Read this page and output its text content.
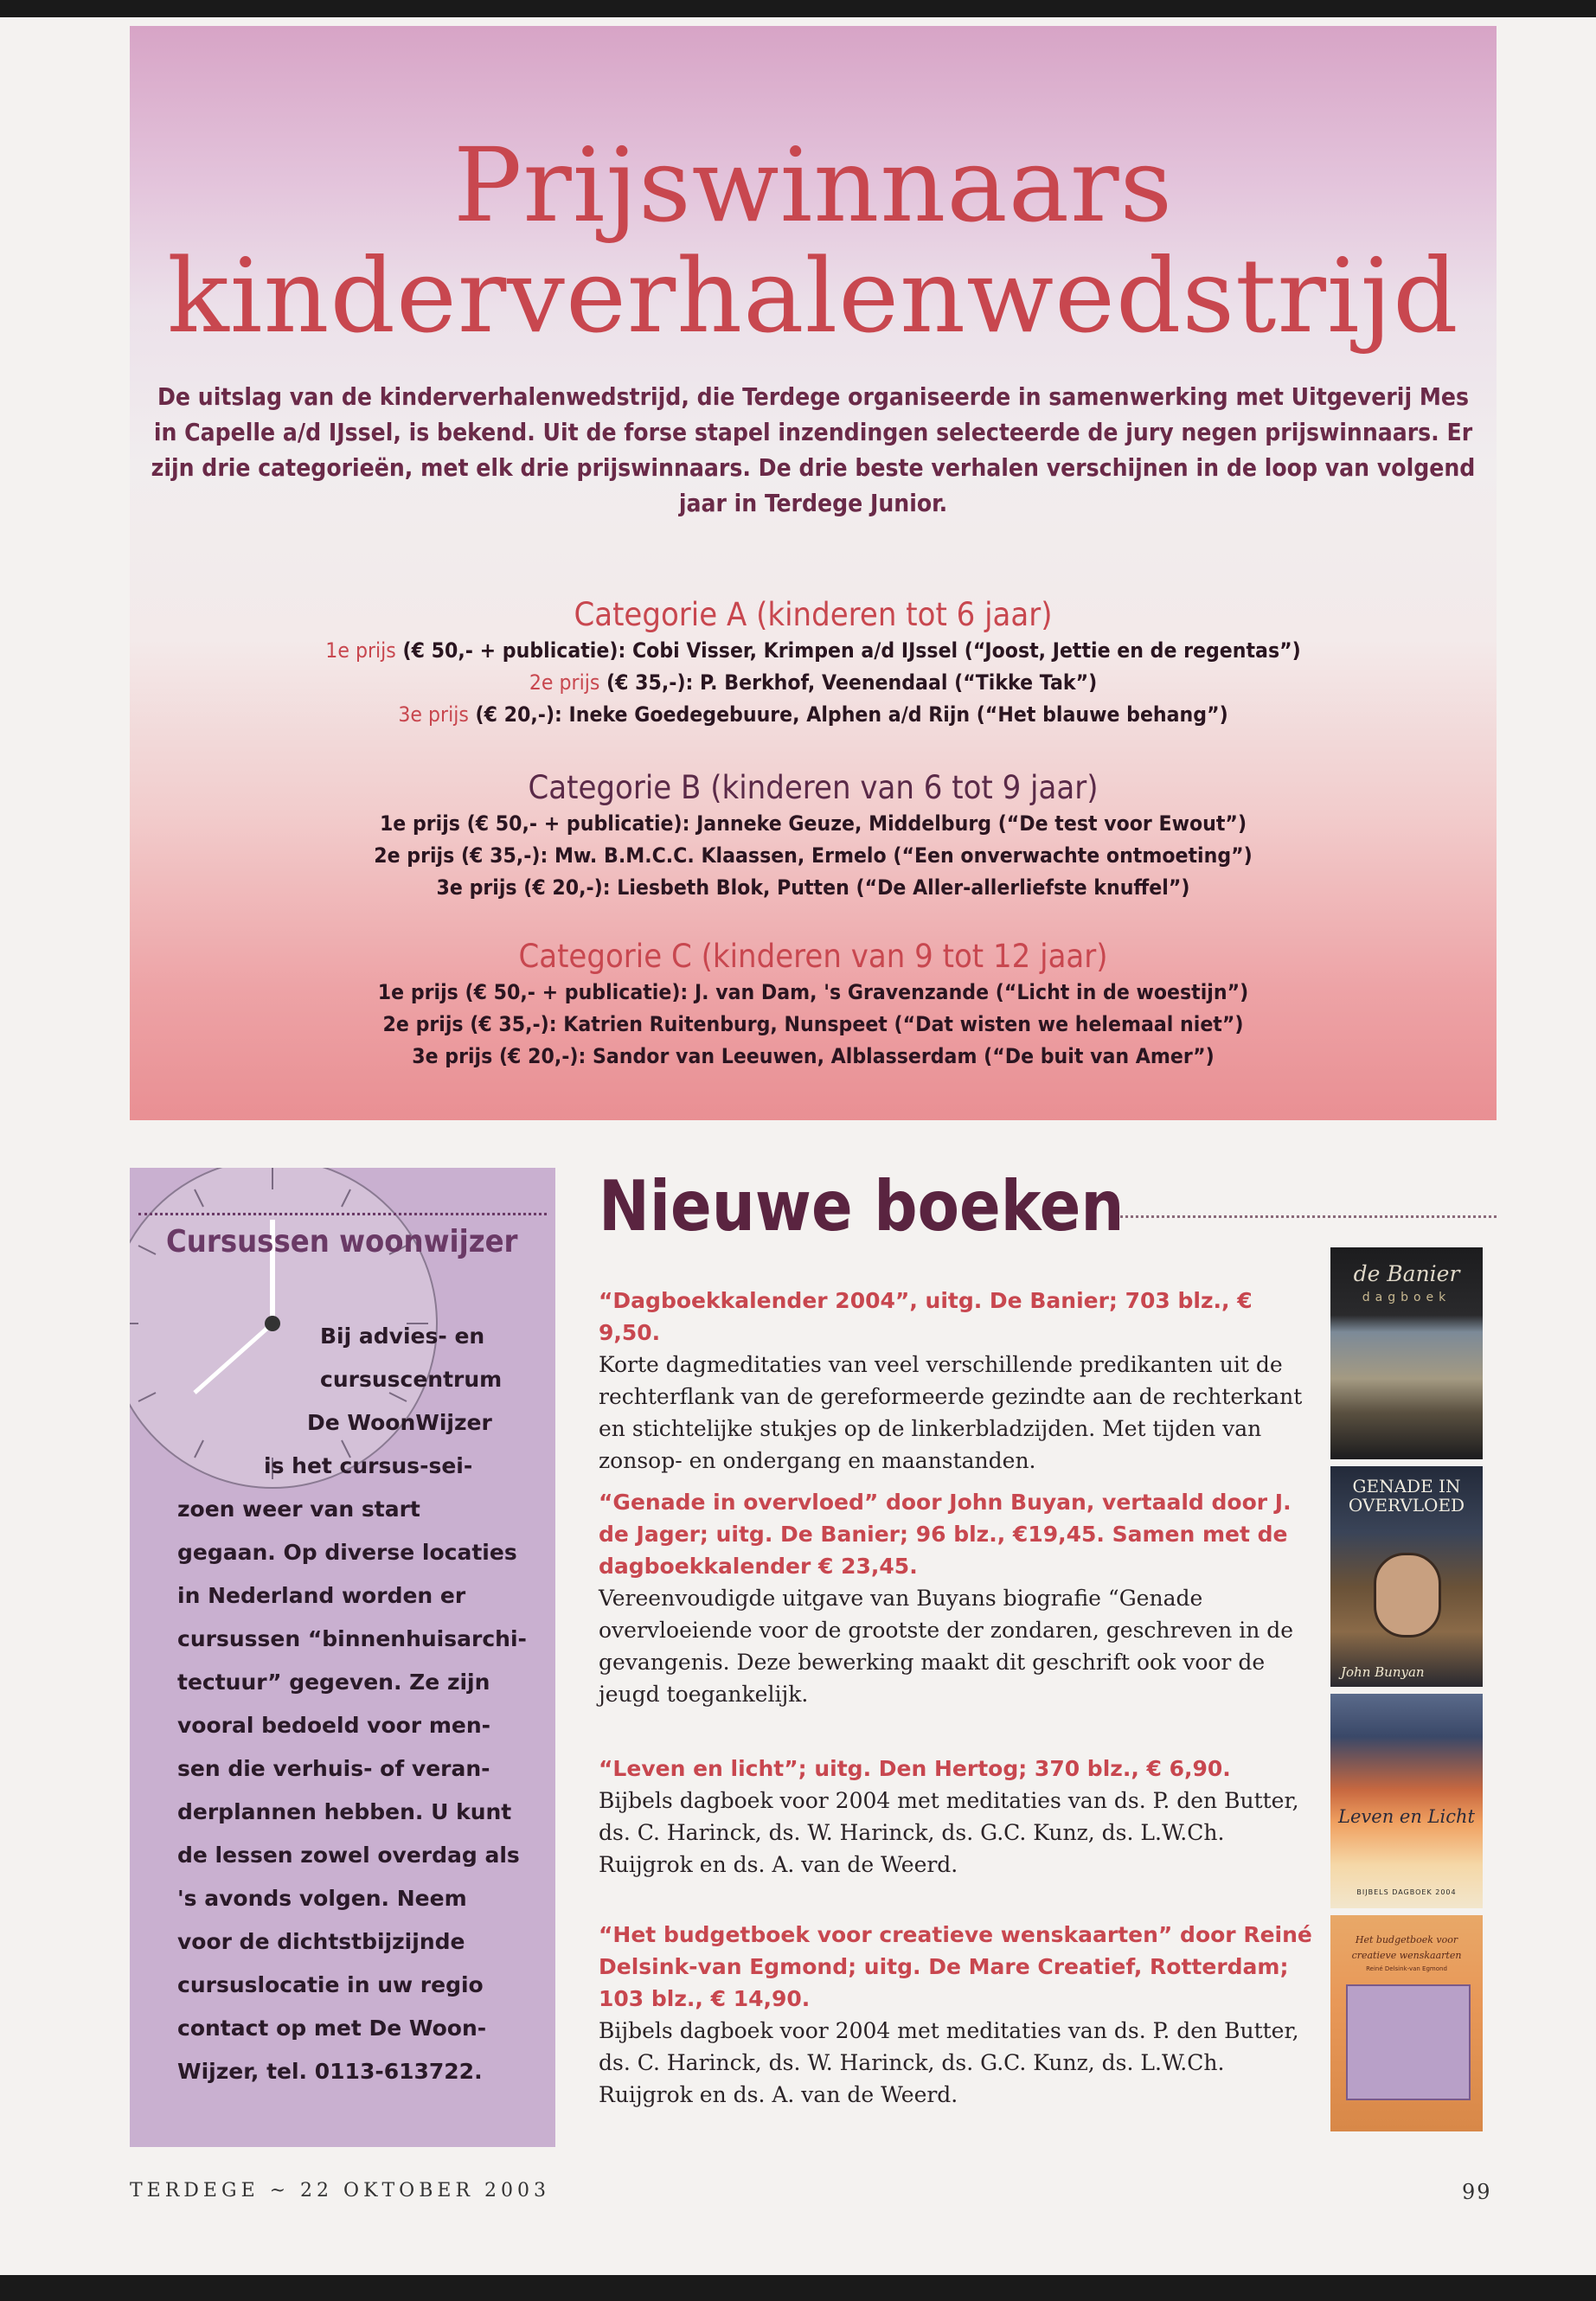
Prijswinnaars
kinderverhalenwedstrijd
De uitslag van de kinderverhalenwedstrijd, die Terdege organiseerde in samenwerking met Uitgeverij Mes in Capelle a/d IJssel, is bekend. Uit de forse stapel inzendingen selecteerde de jury negen prijswinnaars. Er zijn drie categorieën, met elk drie prijswinnaars. De drie beste verhalen verschijnen in de loop van volgend jaar in Terdege Junior.
Categorie A (kinderen tot 6 jaar)

1e prijs (€ 50,- + publicatie): Cobi Visser, Krimpen a/d IJssel (“Joost, Jettie en de regentas”)

2e prijs (€ 35,-): P. Berkhof, Veenendaal (“Tikke Tak”)

3e prijs (€ 20,-): Ineke Goedegebuure, Alphen a/d Rijn (“Het blauwe behang”)

Categorie B (kinderen van 6 tot 9 jaar)

1e prijs (€ 50,- + publicatie): Janneke Geuze, Middelburg (“De test voor Ewout”)

2e prijs (€ 35,-): Mw. B.M.C.C. Klaassen, Ermelo (“Een onverwachte ontmoeting”)

3e prijs (€ 20,-): Liesbeth Blok, Putten (“De Aller-allerliefste knuffel”)

Categorie C (kinderen van 9 tot 12 jaar)

1e prijs (€ 50,- + publicatie): J. van Dam, 's Gravenzande (“Licht in de woestijn”)

2e prijs (€ 35,-): Katrien Ruitenburg, Nunspeet (“Dat wisten we helemaal niet”)

3e prijs (€ 20,-): Sandor van Leeuwen, Alblasserdam (“De buit van Amer”)

Cursussen woonwijzer
Bij advies- en
cursuscentrum
De WoonWijzer
is het cursus-sei-
zoen weer van start
gegaan. Op diverse locaties
in Nederland worden er
cursussen “binnenhuisarchi-
tectuur” gegeven. Ze zijn
vooral bedoeld voor men-
sen die verhuis- of veran-
derplannen hebben. U kunt
de lessen zowel overdag als
's avonds volgen. Neem
voor de dichtstbijzijnde
cursuslocatie in uw regio
contact op met De Woon-
Wijzer, tel. 0113-613722.
Nieuwe boeken

“Dagboekkalender 2004”, uitg. De Banier; 703 blz., € 9,50.

Korte dagmeditaties van veel verschillende predikanten uit de rechterflank van de gereformeerde gezindte aan de rechterkant en stichtelijke stukjes op de linkerbladzijden. Met tijden van zonsop- en ondergang en maanstanden.

“Genade in overvloed” door John Buyan, vertaald door J. de Jager; uitg. De Banier; 96 blz., €19,45. Samen met de dagboekkalender € 23,45.

Vereenvoudigde uitgave van Buyans biografie “Genade overvloeiende voor de grootste der zondaren, geschreven in de gevangenis. Deze bewerking maakt dit geschrift ook voor de jeugd toegankelijk.

“Leven en licht”; uitg. Den Hertog; 370 blz., € 6,90.

Bijbels dagboek voor 2004 met meditaties van ds. P. den Butter, ds. C. Harinck, ds. W. Harinck, ds. G.C. Kunz, ds. L.W.Ch. Ruijgrok en ds. A. van de Weerd.

“Het budgetboek voor creatieve wenskaarten” door Reiné Delsink-van Egmond; uitg. De Mare Creatief, Rotterdam; 103 blz., € 14,90.

Bijbels dagboek voor 2004 met meditaties van ds. P. den Butter, ds. C. Harinck, ds. W. Harinck, ds. G.C. Kunz, ds. L.W.Ch. Ruijgrok en ds. A. van de Weerd.

de Banier
dagboek
GENADE IN
OVERVLOED
John Bunyan
Leven en Licht
BIJBELS DAGBOEK 2004
Het budgetboek voor
creatieve wenskaarten
Reiné Delsink-van Egmond
TERDEGE ~ 22 OKTOBER 2003	99
